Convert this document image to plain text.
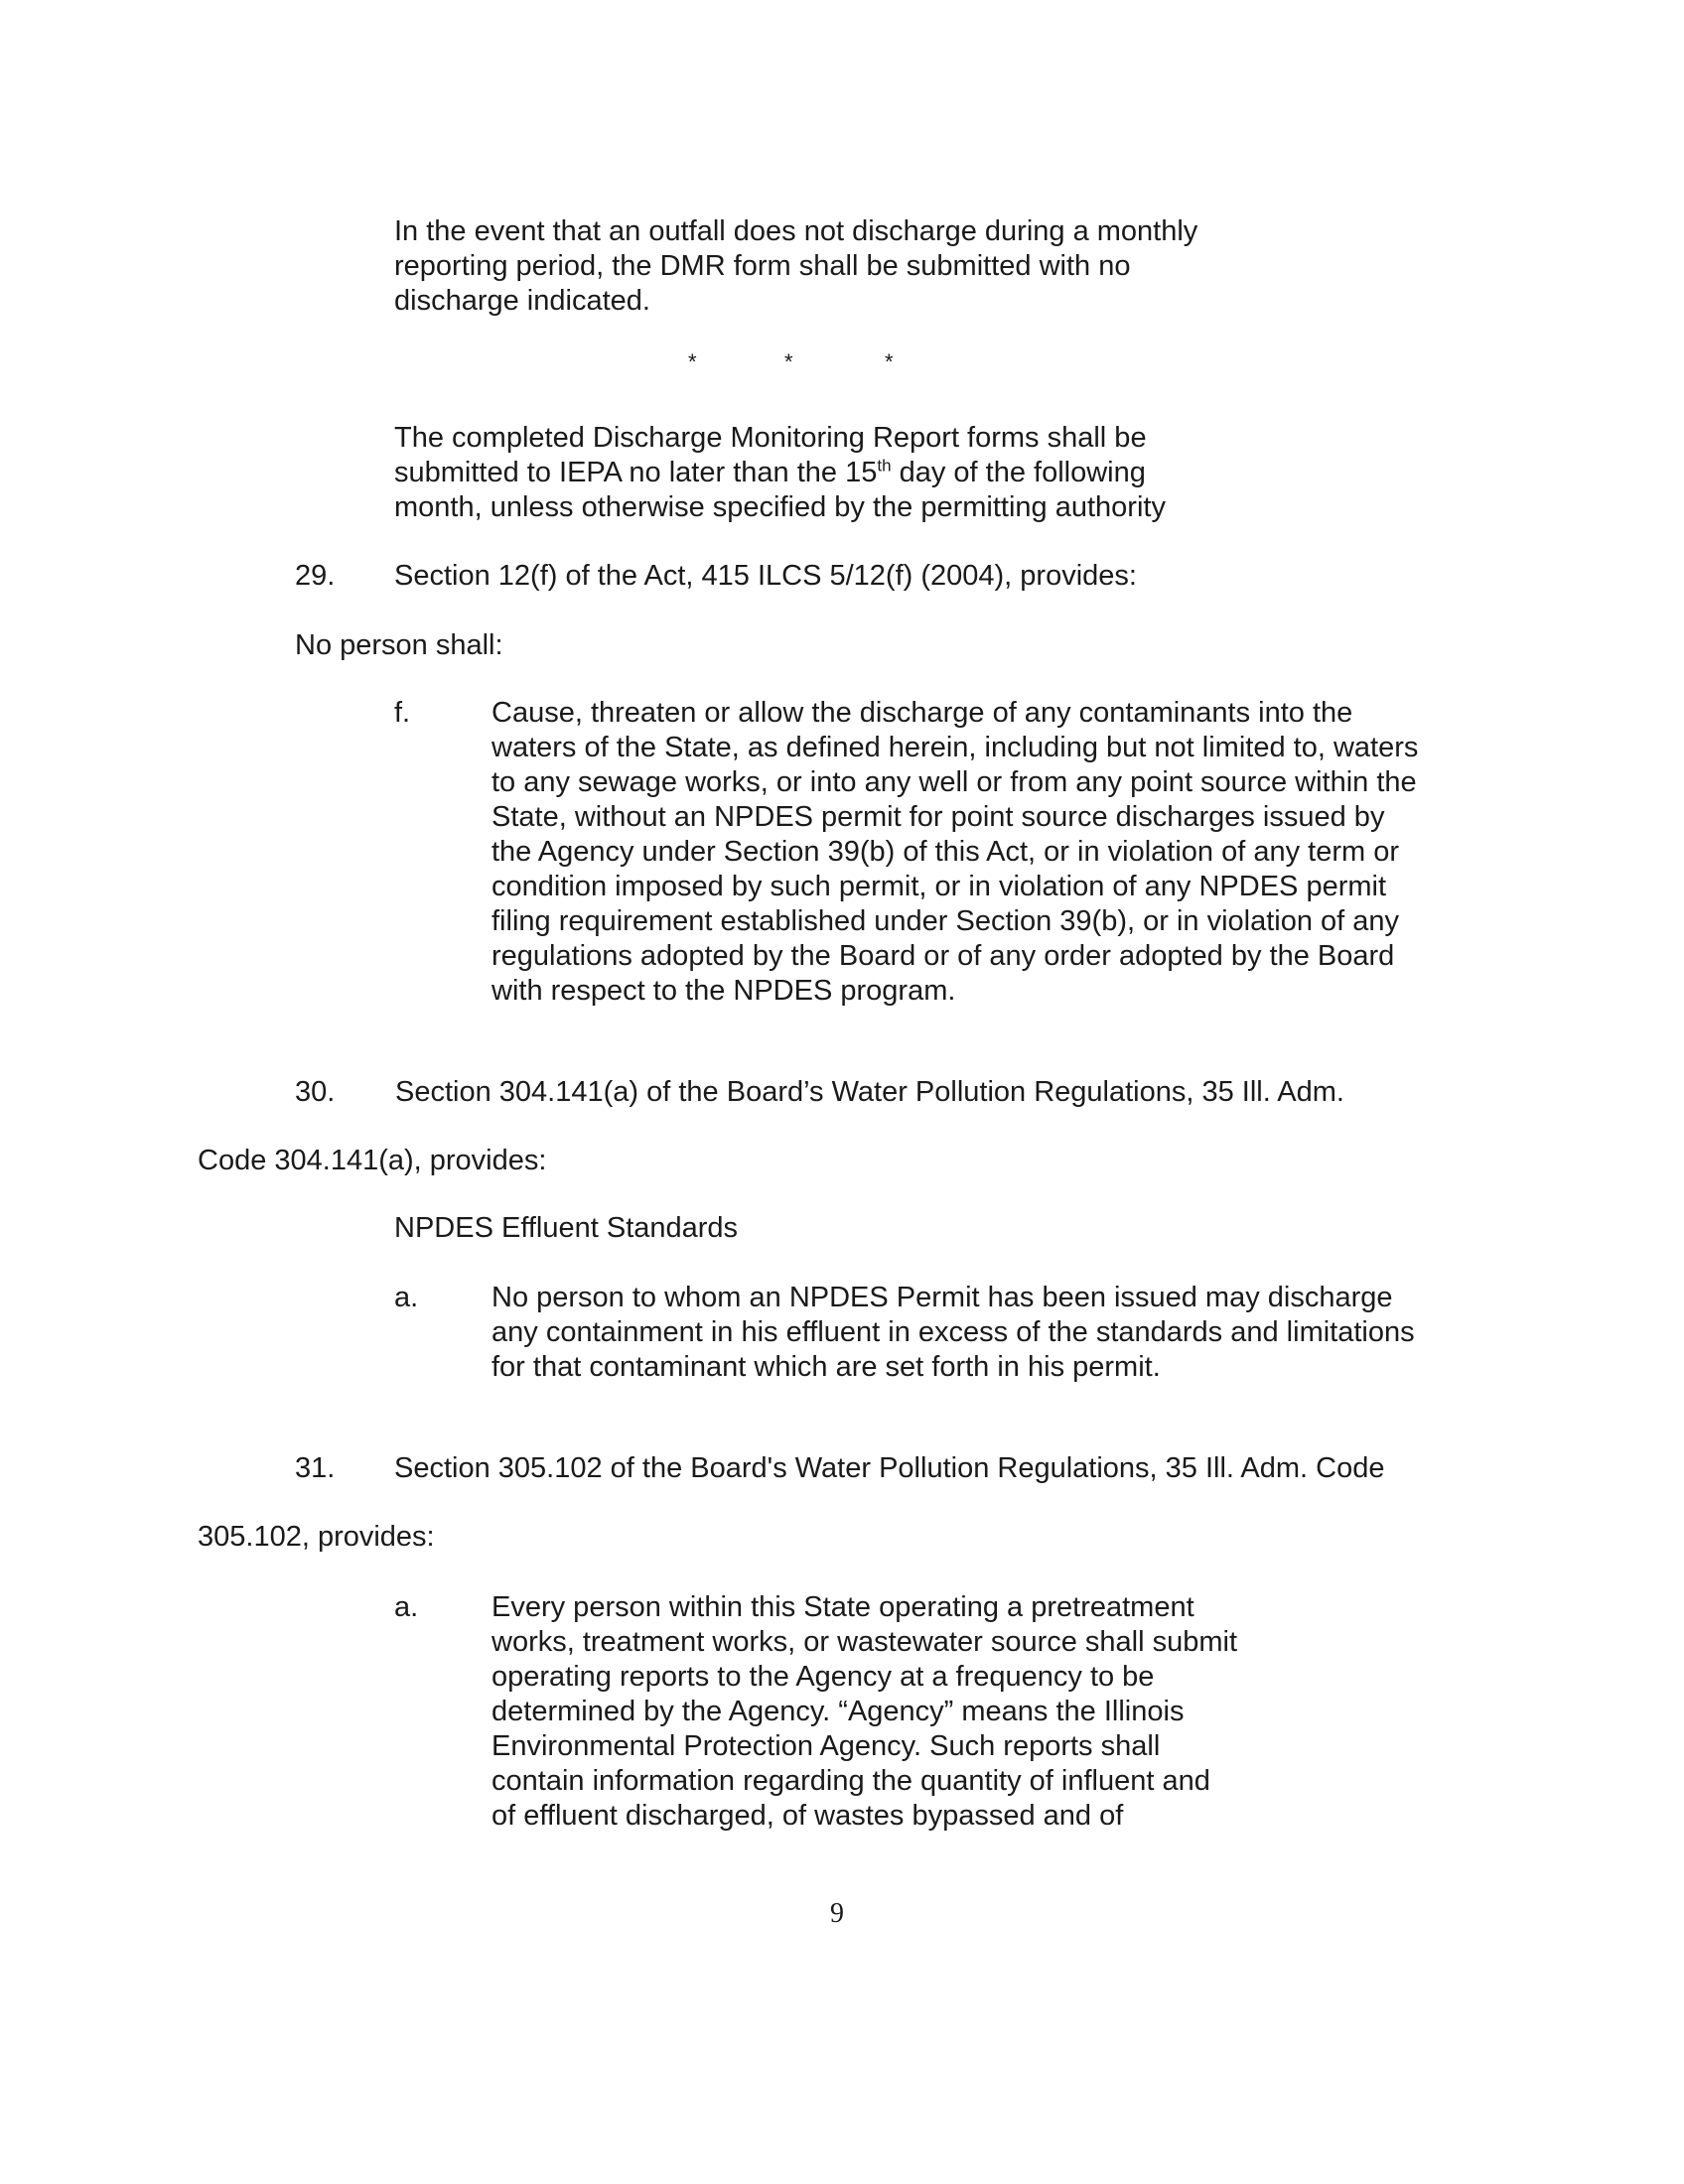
In the event that an outfall does not discharge during a monthly
reporting period, the DMR form shall be submitted with no
discharge indicated.
*	*	*
The completed Discharge Monitoring Report forms shall be
submitted to IEPA no later than the 15th day of the following
month, unless otherwise specified by the permitting authority
29. Section 12(f) of the Act, 415 ILCS 5/12(f) (2004), provides:
No person shall:
f.	Cause, threaten or allow the discharge of any contaminants into the
waters of the State, as defined herein, including but not limited to, waters
to any sewage works, or into any well or from any point source within the
State, without an NPDES permit for point source discharges issued by
the Agency under Section 39(b) of this Act, or in violation of any term or
condition imposed by such permit, or in violation of any NPDES permit
filing requirement established under Section 39(b), or in violation of any
regulations adopted by the Board or of any order adopted by the Board
with respect to the NPDES program.
30. Section 304.141(a) of the Board’s Water Pollution Regulations, 35 Ill. Adm.
Code 304.141(a), provides:
NPDES Effluent Standards
a.	No person to whom an NPDES Permit has been issued may discharge
any containment in his effluent in excess of the standards and limitations
for that contaminant which are set forth in his permit.
31. Section 305.102 of the Board's Water Pollution Regulations, 35 Ill. Adm. Code
305.102, provides:
a.	Every person within this State operating a pretreatment
works, treatment works, or wastewater source shall submit
operating reports to the Agency at a frequency to be
determined by the Agency. “Agency” means the Illinois
Environmental Protection Agency. Such reports shall
contain information regarding the quantity of influent and
of effluent discharged, of wastes bypassed and of
9
